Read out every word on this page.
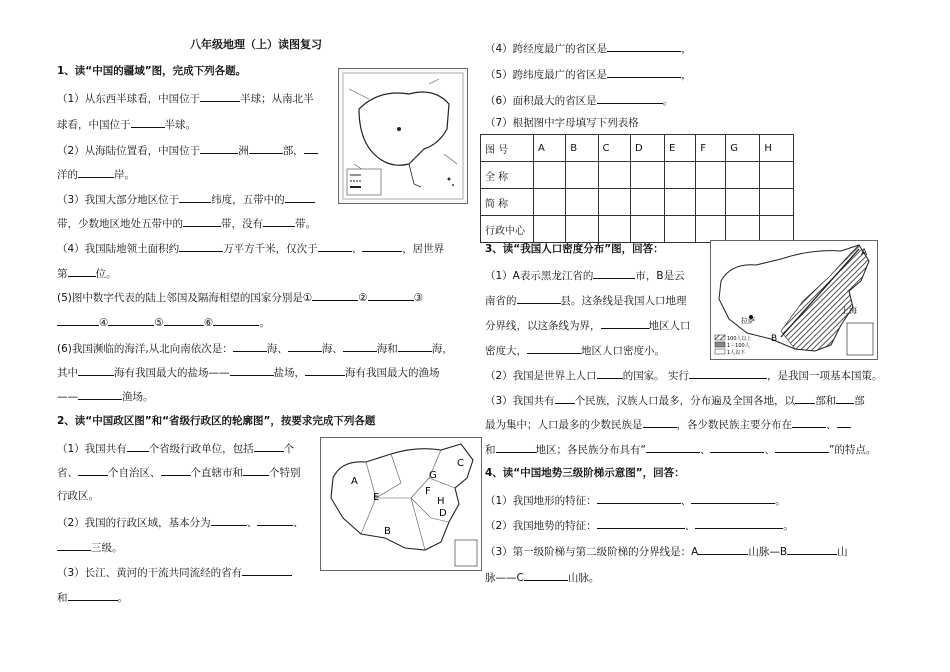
八年级地理（上）读图复习
1、读“中国的疆域”图，完成下列各题。
（1）从东西半球看，中国位于	半球；从南北半
球看，中国位于	半球。
（2）从海陆位置看，中国位于	洲	部，
洋的	岸。
（3）我国大部分地区位于	纬度，五带中的
带，少数地区地处五带中的	带，没有	带。
（4）我国陆地领土面积约	万平方千米，仅次于	、	，居世界
第	位。
(5)图中数字代表的陆上邻国及隔海相望的国家分别是①	②	③
④	⑤	⑥	。
(6)我国濒临的海洋,从北向南依次是：	海、	海、	海和	海，
其中	海有我国最大的盐场——	盐场，	海有我国最大的渔场
——	渔场。
2、读“中国政区图”和“省级行政区的轮廓图”，按要求完成下列各题
（1）我国共有 个省级行政单位，包括	个
省、	个自治区、	个直辖市和 个特别
行政区。
（2）我国的行政区域，基本分为	、	、
三级。
（3）长江、黄河的干流共同流经的省有
和	。
A
B
C
D
E
F
G
H
（4）跨经度最广的省区是	，
（5）跨纬度最广的省区是	，
（6）面积最大的省区是	。
（7）根据图中字母填写下列表格
图 号	A	B	C	D	E	F	G	H
全 称								
简 称								
行政中心								
3、读“我国人口密度分布”图，回答：	A
上海
拉萨
B
100人以上
1－100人
1人以下
（1）A表示黑龙江省的	市，B是云
南省的	县。这条线是我国人口地理
分界线，以这条线为界，	地区人口
密度大，	地区人口密度小。
（2）我国是世界上人口 的国家。 实行	，是我国一项基本国策。
（3）我国共有 个民族，汉族人口最多，分布遍及全国各地，以 部和 部
最为集中；人口最多的少数民族是	，各少数民族主要分布在	、
和	地区；各民族分布具有“	、	、	”的特点。
4、读“中国地势三级阶梯示意图”，回答：
（1）我国地形的特征：	、	。
（2）我国地势的特征：	、	。
（3）第一级阶梯与第二级阶梯的分界线是：A	山脉—B	山
脉——C	山脉。
